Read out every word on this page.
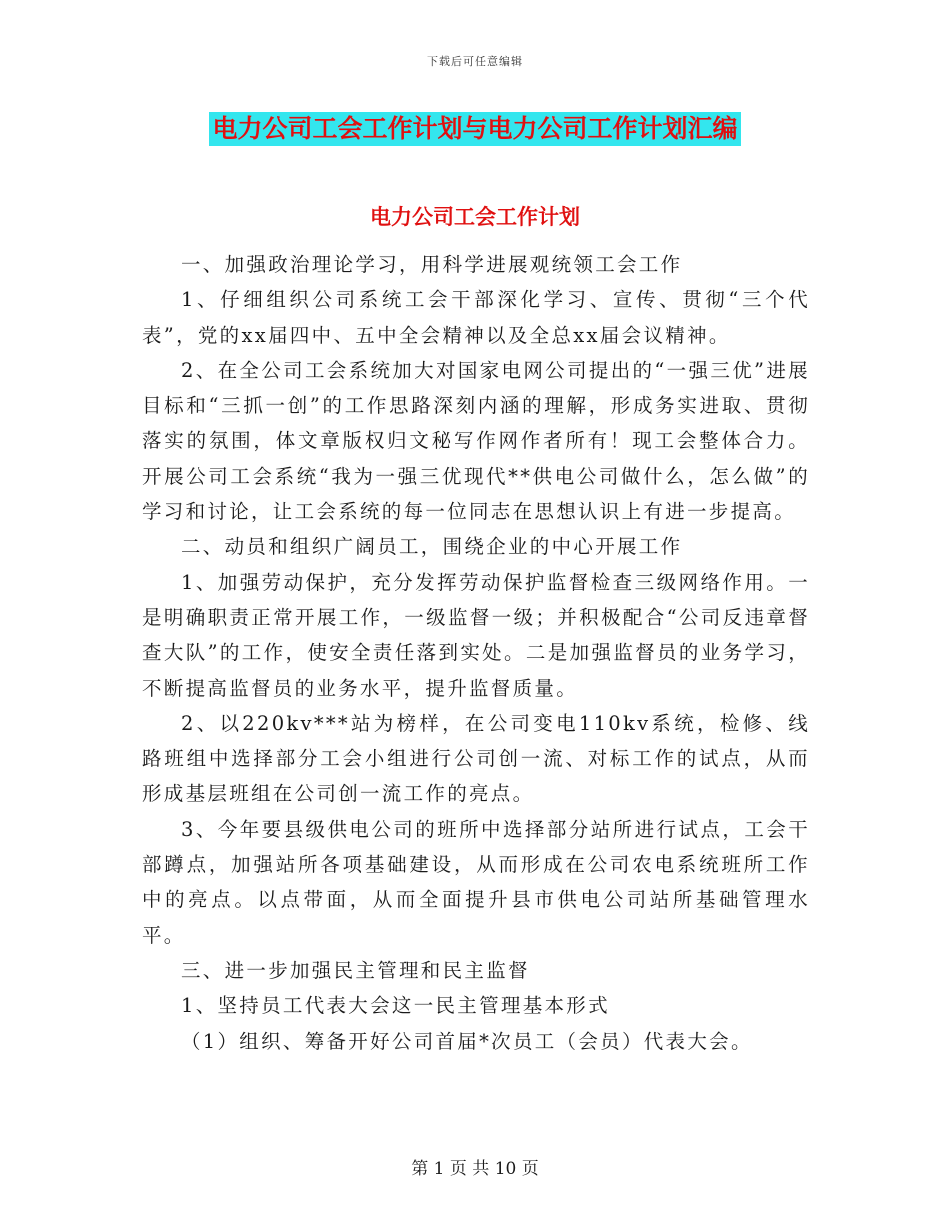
下载后可任意编辑
电力公司工会工作计划与电力公司工作计划汇编
电力公司工会工作计划

一、加强政治理论学习，用科学进展观统领工会工作

1、仔细组织公司系统工会干部深化学习、宣传、贯彻“三个代表”，党的xx届四中、五中全会精神以及全总xx届会议精神。

2、在全公司工会系统加大对国家电网公司提出的“一强三优”进展目标和“三抓一创”的工作思路深刻内涵的理解，形成务实进取、贯彻落实的氛围，体文章版权归文秘写作网作者所有！现工会整体合力。开展公司工会系统“我为一强三优现代**供电公司做什么，怎么做”的学习和讨论，让工会系统的每一位同志在思想认识上有进一步提高。

二、动员和组织广阔员工，围绕企业的中心开展工作

1、加强劳动保护，充分发挥劳动保护监督检查三级网络作用。一是明确职责正常开展工作，一级监督一级；并积极配合“公司反违章督查大队”的工作，使安全责任落到实处。二是加强监督员的业务学习，不断提高监督员的业务水平，提升监督质量。

2、以220kv***站为榜样，在公司变电110kv系统，检修、线路班组中选择部分工会小组进行公司创一流、对标工作的试点，从而形成基层班组在公司创一流工作的亮点。

3、今年要县级供电公司的班所中选择部分站所进行试点，工会干部蹲点，加强站所各项基础建设，从而形成在公司农电系统班所工作中的亮点。以点带面，从而全面提升县市供电公司站所基础管理水平。

三、进一步加强民主管理和民主监督

1、坚持员工代表大会这一民主管理基本形式

（1）组织、筹备开好公司首届*次员工（会员）代表大会。

第 1 页 共 10 页
